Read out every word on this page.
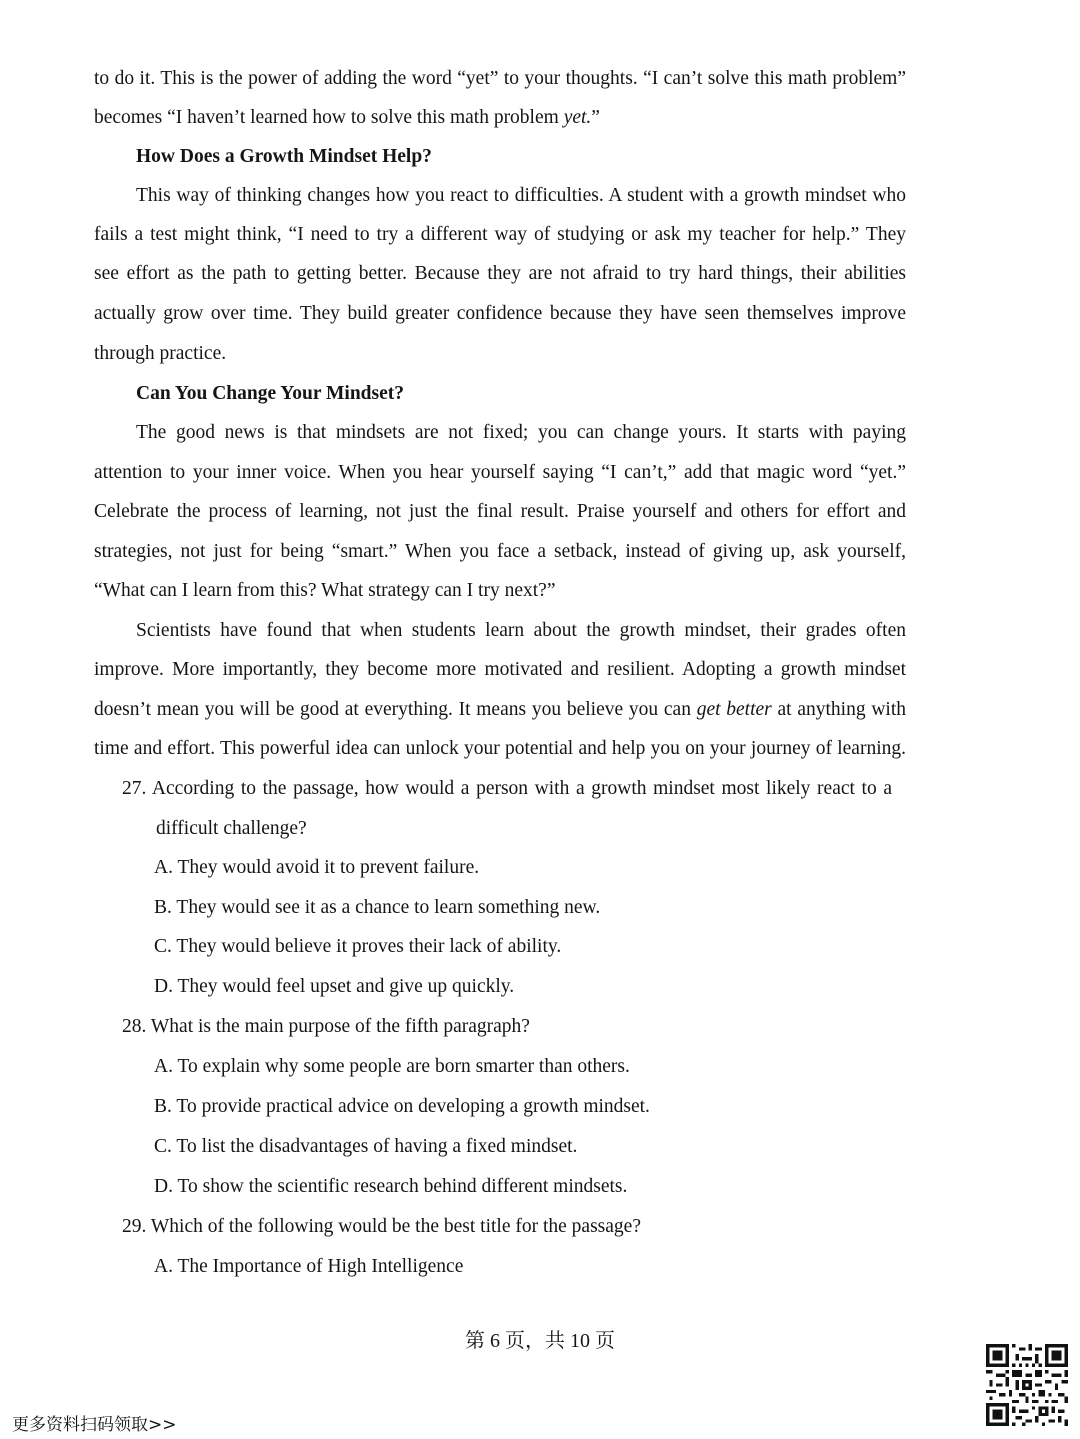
to do it. This is the power of adding the word “yet” to your thoughts. “I can’t solve this math problem”
becomes “I haven’t learned how to solve this math problem yet.”
How Does a Growth Mindset Help?
This way of thinking changes how you react to difficulties. A student with a growth mindset who
fails a test might think, “I need to try a different way of studying or ask my teacher for help.” They
see effort as the path to getting better. Because they are not afraid to try hard things, their abilities
actually grow over time. They build greater confidence because they have seen themselves improve
through practice.
Can You Change Your Mindset?
The good news is that mindsets are not fixed; you can change yours. It starts with paying
attention to your inner voice. When you hear yourself saying “I can’t,” add that magic word “yet.”
Celebrate the process of learning, not just the final result. Praise yourself and others for effort and
strategies, not just for being “smart.” When you face a setback, instead of giving up, ask yourself,
“What can I learn from this? What strategy can I try next?”
Scientists have found that when students learn about the growth mindset, their grades often
improve. More importantly, they become more motivated and resilient. Adopting a growth mindset
doesn’t mean you will be good at everything. It means you believe you can get better at anything with
time and effort. This powerful idea can unlock your potential and help you on your journey of learning.
27. According to the passage, how would a person with a growth mindset most likely react to a
difficult challenge?
A. They would avoid it to prevent failure.
B. They would see it as a chance to learn something new.
C. They would believe it proves their lack of ability.
D. They would feel upset and give up quickly.
28. What is the main purpose of the fifth paragraph?
A. To explain why some people are born smarter than others.
B. To provide practical advice on developing a growth mindset.
C. To list the disadvantages of having a fixed mindset.
D. To show the scientific research behind different mindsets.
29. Which of the following would be the best title for the passage?
A. The Importance of High Intelligence
第 6 页，共 10 页
更多资料扫码领取>>
